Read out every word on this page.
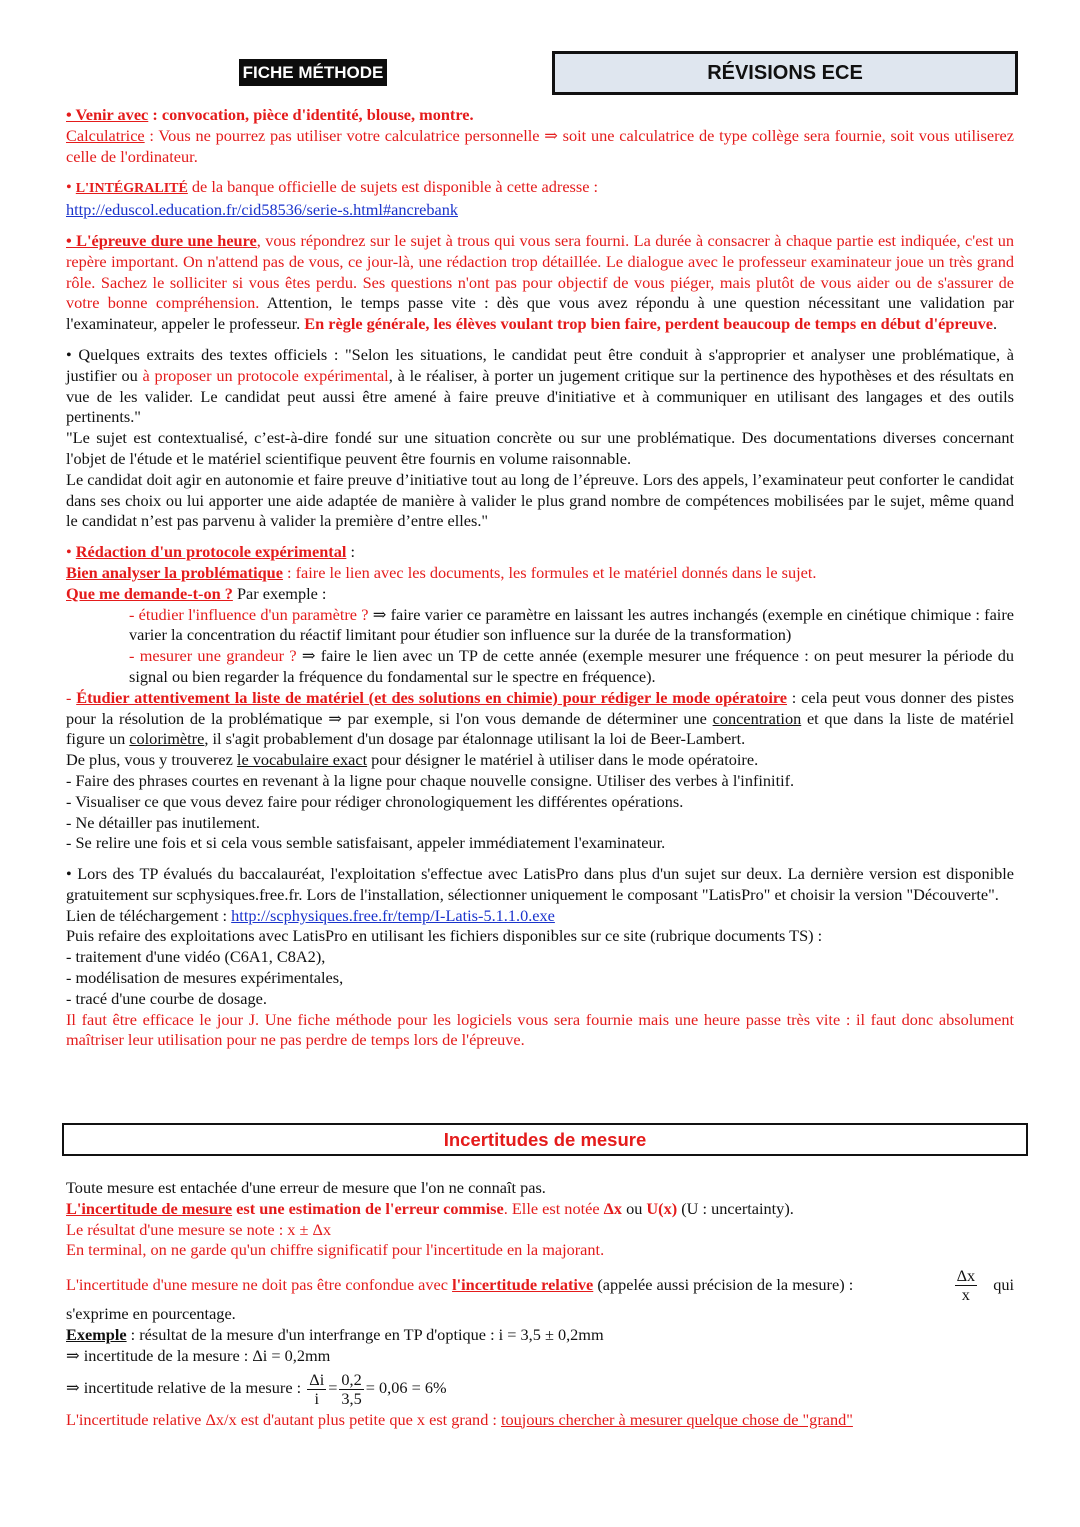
FICHE MÉTHODE	RÉVISIONS ECE
• Venir avec : convocation, pièce d'identité, blouse, montre.
Calculatrice : Vous ne pourrez pas utiliser votre calculatrice personnelle ⇒ soit une calculatrice de type collège sera fournie, soit vous utiliserez celle de l'ordinateur.
• L'INTÉGRALITÉ de la banque officielle de sujets est disponible à cette adresse :
http://eduscol.education.fr/cid58536/serie-s.html#ancrebank
• L'épreuve dure une heure, vous répondrez sur le sujet à trous qui vous sera fourni. La durée à consacrer à chaque partie est indiquée, c'est un repère important. On n'attend pas de vous, ce jour-là, une rédaction trop détaillée. Le dialogue avec le professeur examinateur joue un très grand rôle. Sachez le solliciter si vous êtes perdu. Ses questions n'ont pas pour objectif de vous piéger, mais plutôt de vous aider ou de s'assurer de votre bonne compréhension. Attention, le temps passe vite : dès que vous avez répondu à une question nécessitant une validation par l'examinateur, appeler le professeur. En règle générale, les élèves voulant trop bien faire, perdent beaucoup de temps en début d'épreuve.
• Quelques extraits des textes officiels : "Selon les situations, le candidat peut être conduit à s'approprier et analyser une problématique, à justifier ou à proposer un protocole expérimental, à le réaliser, à porter un jugement critique sur la pertinence des hypothèses et des résultats en vue de les valider. Le candidat peut aussi être amené à faire preuve d'initiative et à communiquer en utilisant des langages et des outils pertinents."
"Le sujet est contextualisé, c’est-à-dire fondé sur une situation concrète ou sur une problématique. Des documentations diverses concernant l'objet de l'étude et le matériel scientifique peuvent être fournis en volume raisonnable.
Le candidat doit agir en autonomie et faire preuve d’initiative tout au long de l’épreuve. Lors des appels, l’examinateur peut conforter le candidat dans ses choix ou lui apporter une aide adaptée de manière à valider le plus grand nombre de compétences mobilisées par le sujet, même quand le candidat n’est pas parvenu à valider la première d’entre elles."
• Rédaction d'un protocole expérimental :
Bien analyser la problématique : faire le lien avec les documents, les formules et le matériel donnés dans le sujet.
Que me demande-t-on ? Par exemple :
- étudier l'influence d'un paramètre ? ⇒ faire varier ce paramètre en laissant les autres inchangés (exemple en cinétique chimique : faire varier la concentration du réactif limitant pour étudier son influence sur la durée de la transformation)
- mesurer une grandeur ? ⇒ faire le lien avec un TP de cette année (exemple mesurer une fréquence : on peut mesurer la période du signal ou bien regarder la fréquence du fondamental sur le spectre en fréquence).
- Étudier attentivement la liste de matériel (et des solutions en chimie) pour rédiger le mode opératoire : cela peut vous donner des pistes pour la résolution de la problématique ⇒ par exemple, si l'on vous demande de déterminer une concentration et que dans la liste de matériel figure un colorimètre, il s'agit probablement d'un dosage par étalonnage utilisant la loi de Beer-Lambert.
De plus, vous y trouverez le vocabulaire exact pour désigner le matériel à utiliser dans le mode opératoire.
- Faire des phrases courtes en revenant à la ligne pour chaque nouvelle consigne. Utiliser des verbes à l'infinitif.
- Visualiser ce que vous devez faire pour rédiger chronologiquement les différentes opérations.
- Ne détailler pas inutilement.
- Se relire une fois et si cela vous semble satisfaisant, appeler immédiatement l'examinateur.
• Lors des TP évalués du baccalauréat, l'exploitation s'effectue avec LatisPro dans plus d'un sujet sur deux. La dernière version est disponible gratuitement sur scphysiques.free.fr. Lors de l'installation, sélectionner uniquement le composant "LatisPro" et choisir la version "Découverte".
Lien de téléchargement : http://scphysiques.free.fr/temp/I-Latis-5.1.1.0.exe
Puis refaire des exploitations avec LatisPro en utilisant les fichiers disponibles sur ce site (rubrique documents TS) :
- traitement d'une vidéo (C6A1, C8A2),
- modélisation de mesures expérimentales,
- tracé d'une courbe de dosage.
Il faut être efficace le jour J. Une fiche méthode pour les logiciels vous sera fournie mais une heure passe très vite : il faut donc absolument maîtriser leur utilisation pour ne pas perdre de temps lors de l'épreuve.
Incertitudes de mesure
Toute mesure est entachée d'une erreur de mesure que l'on ne connaît pas.
L'incertitude de mesure est une estimation de l'erreur commise. Elle est notée Δx ou U(x) (U : uncertainty).
Le résultat d'une mesure se note : x ± Δx
En terminal, on ne garde qu'un chiffre significatif pour l'incertitude en la majorant.
L'incertitude d'une mesure ne doit pas être confondue avec l'incertitude relative (appelée aussi précision de la mesure) :	$\frac{\Delta x}{x}$ qui
s'exprime en pourcentage.
Exemple : résultat de la mesure d'un interfrange en TP d'optique : i = 3,5 ± 0,2mm
⇒ incertitude de la mesure : Δi = 0,2mm
⇒ incertitude relative de la mesure : $\frac{\Delta i}{i} = \frac{0,2}{3,5} = 0,06 = 6\%$
L'incertitude relative Δx/x est d'autant plus petite que x est grand : toujours chercher à mesurer quelque chose de "grand"
